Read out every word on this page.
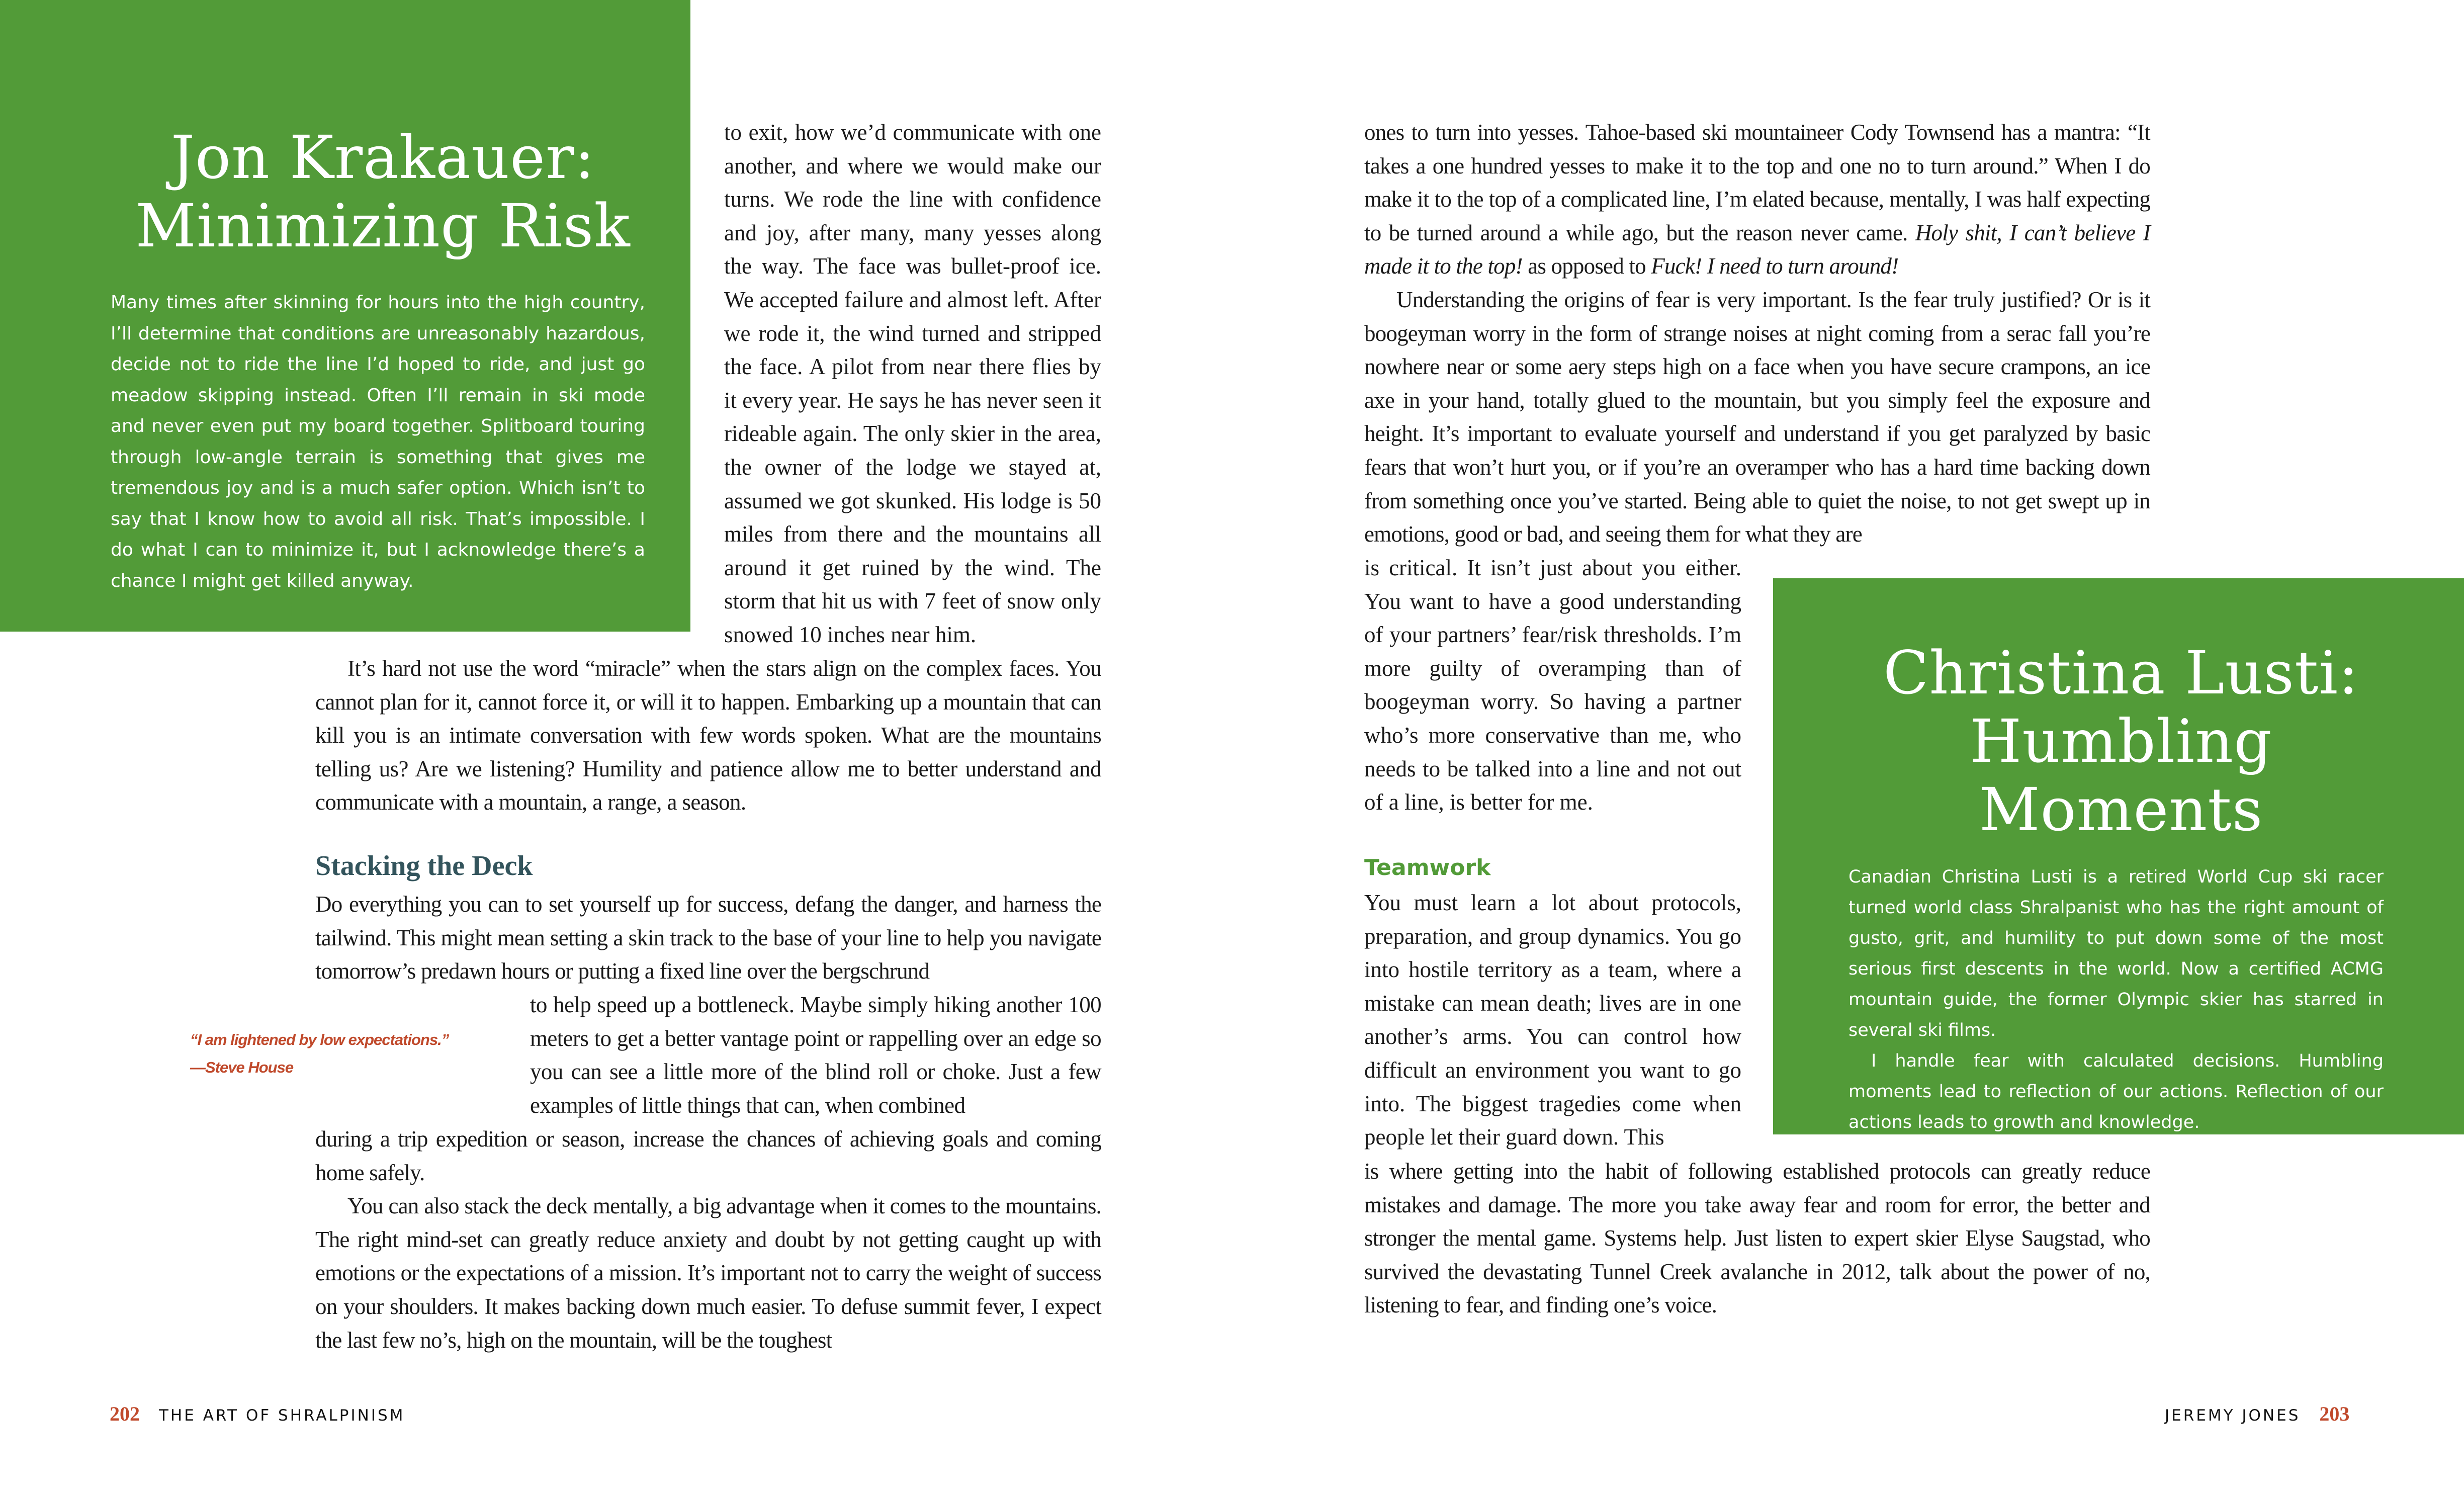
Jon Krakauer:
Minimizing Risk

Many times after skinning for hours into the high country, I’ll determine that conditions are unreasonably hazardous, decide not to ride the line I’d hoped to ride, and just go meadow skipping instead. Often I’ll remain in ski mode and never even put my board together. Splitboard touring through low-angle terrain is something that gives me tremendous joy and is a much safer option. Which isn’t to say that I know how to avoid all risk. That’s impossible. I do what I can to minimize it, but I acknowledge there’s a chance I might get killed anyway.

to exit, how we’d communicate with one another, and where we would make our turns. We rode the line with confidence and joy, after many, many yesses along the way. The face was bullet-proof ice. We accepted failure and almost left. After we rode it, the wind turned and stripped the face. A pilot from near there flies by it every year. He says he has never seen it rideable again. The only skier in the area, the owner of the lodge we stayed at, assumed we got skunked. His lodge is 50 miles from there and the mountains all around it get ruined by the wind. The storm that hit us with 7 feet of snow only snowed 10 inches near him.

It’s hard not use the word “miracle” when the stars align on the complex faces. You cannot plan for it, cannot force it, or will it to happen. Embarking up a mountain that can kill you is an intimate conversation with few words spoken. What are the mountains telling us? Are we listening? Humility and patience allow me to better understand and communicate with a mountain, a range, a season.

Stacking the Deck

Do everything you can to set yourself up for success, defang the danger, and harness the tailwind. This might mean setting a skin track to the base of your line to help you navigate tomorrow’s predawn hours or putting a fixed line over the bergschrund

“I am lightened by low expectations.”
—Steve House

to help speed up a bottleneck. Maybe simply hiking another 100 meters to get a better vantage point or rappelling over an edge so you can see a little more of the blind roll or choke. Just a few examples of little things that can, when combined

during a trip expedition or season, increase the chances of achieving goals and coming home safely.

You can also stack the deck mentally, a big advantage when it comes to the mountains. The right mind-set can greatly reduce anxiety and doubt by not getting caught up with emotions or the expectations of a mission. It’s important not to carry the weight of success on your shoulders. It makes backing down much easier. To defuse summit fever, I expect the last few no’s, high on the mountain, will be the toughest

202 THE ART OF SHRALPINISM

ones to turn into yesses. Tahoe-based ski mountaineer Cody Townsend has a mantra: “It takes a one hundred yesses to make it to the top and one no to turn around.” When I do make it to the top of a complicated line, I’m elated because, mentally, I was half expecting to be turned around a while ago, but the reason never came. Holy shit, I can’t believe I made it to the top! as opposed to Fuck! I need to turn around!

Understanding the origins of fear is very important. Is the fear truly justified? Or is it boogeyman worry in the form of strange noises at night coming from a serac fall you’re nowhere near or some aery steps high on a face when you have secure crampons, an ice axe in your hand, totally glued to the mountain, but you simply feel the exposure and height. It’s important to evaluate yourself and understand if you get paralyzed by basic fears that won’t hurt you, or if you’re an overamper who has a hard time backing down from something once you’ve started. Being able to quiet the noise, to not get swept up in emotions, good or bad, and seeing them for what they are

is critical. It isn’t just about you either. You want to have a good understanding of your partners’ fear/risk thresholds. I’m more guilty of overamping than of boogeyman worry. So having a partner who’s more conservative than me, who needs to be talked into a line and not out of a line, is better for me.

Teamwork

You must learn a lot about protocols, preparation, and group dynamics. You go into hostile territory as a team, where a mistake can mean death; lives are in one another’s arms. You can control how difficult an environment you want to go into. The biggest tragedies come when people let their guard down. This

is where getting into the habit of following established protocols can greatly reduce mistakes and damage. The more you take away fear and room for error, the better and stronger the mental game. Systems help. Just listen to expert skier Elyse Saugstad, who survived the devastating Tunnel Creek avalanche in 2012, talk about the power of no, listening to fear, and finding one’s voice.

Christina Lusti:
Humbling Moments

Canadian Christina Lusti is a retired World Cup ski racer turned world class Shralpanist who has the right amount of gusto, grit, and humility to put down some of the most serious first descents in the world. Now a certified ACMG mountain guide, the former Olympic skier has starred in several ski films.

I handle fear with calculated decisions. Humbling moments lead to reflection of our actions. Reflection of our actions leads to growth and knowledge.

JEREMY JONES 203
